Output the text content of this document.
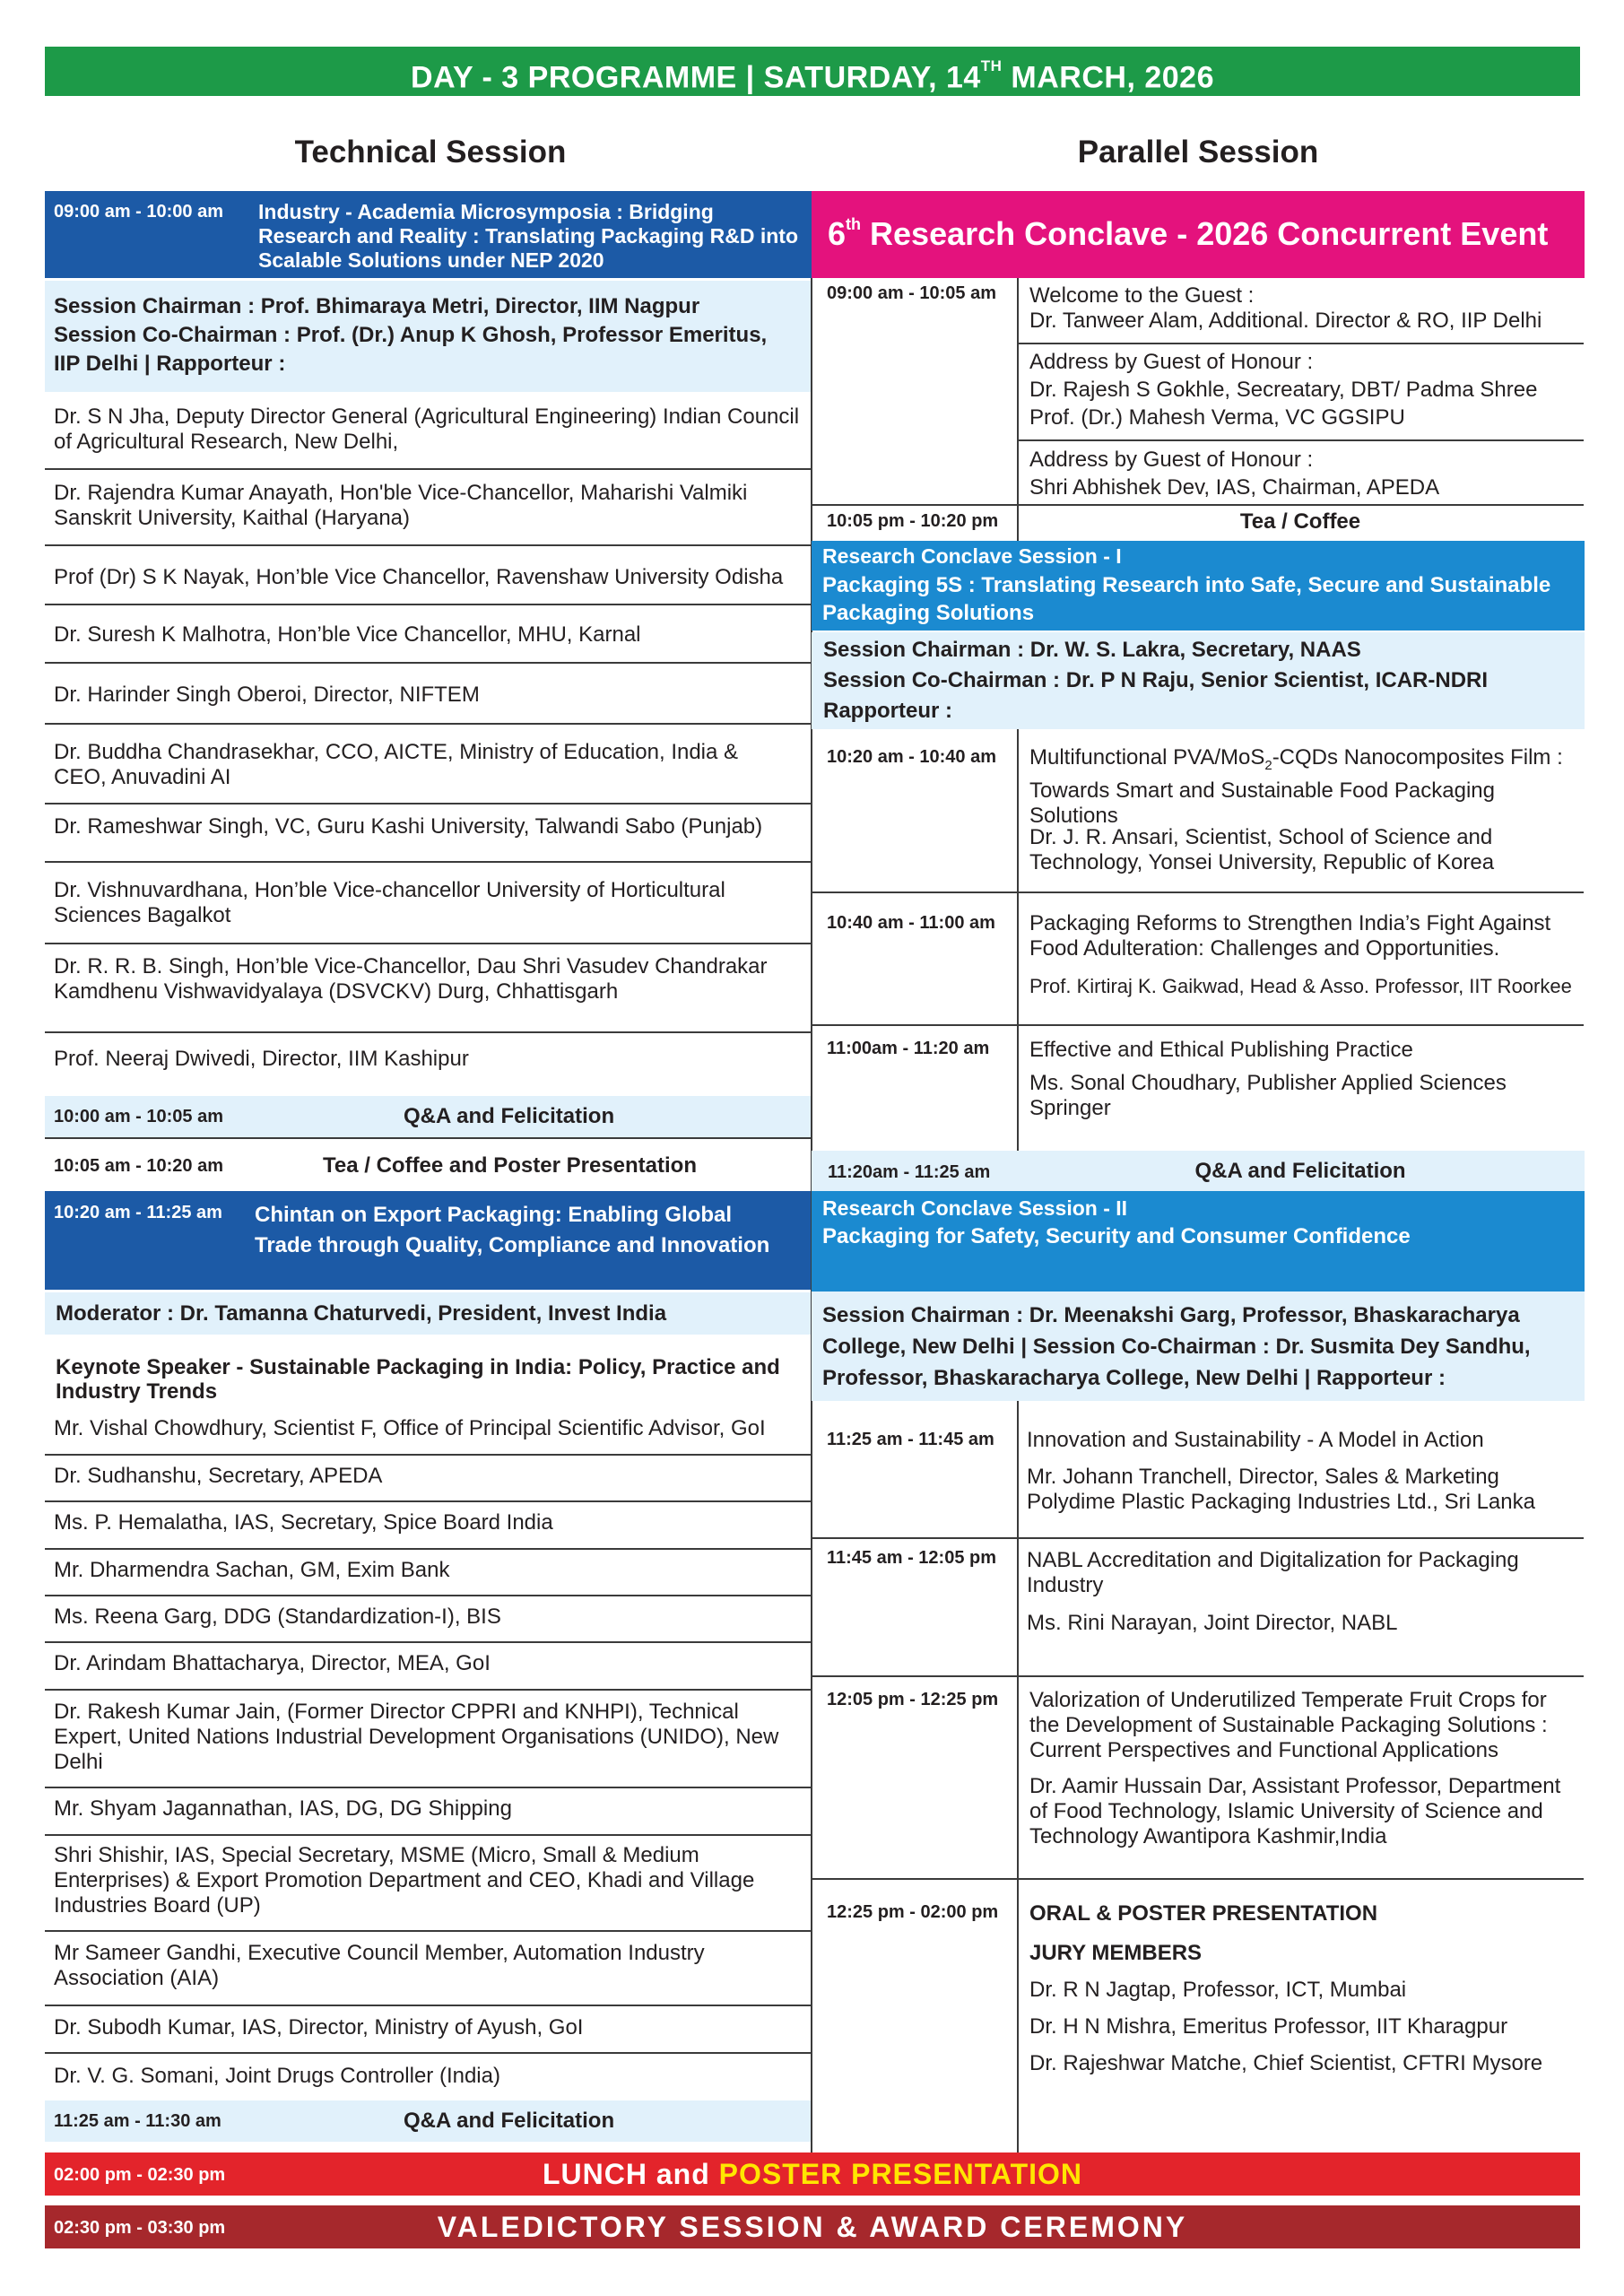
DAY - 3 PROGRAMME | SATURDAY, 14TH MARCH, 2026
Technical Session	Parallel Session
09:00 am - 10:00 am Industry - Academia Microsymposia : Bridging Research and Reality : Translating Packaging R&D into Scalable Solutions under NEP 2020
Session Chairman : Prof. Bhimaraya Metri, Director, IIM Nagpur
Session Co-Chairman : Prof. (Dr.) Anup K Ghosh, Professor Emeritus,
IIP Delhi | Rapporteur :
Dr. S N Jha, Deputy Director General (Agricultural Engineering) Indian Council of Agricultural Research, New Delhi,
Dr. Rajendra Kumar Anayath, Hon'ble Vice-Chancellor, Maharishi Valmiki Sanskrit University, Kaithal (Haryana)
Prof (Dr) S K Nayak, Hon’ble Vice Chancellor, Ravenshaw University Odisha
Dr. Suresh K Malhotra, Hon’ble Vice Chancellor, MHU, Karnal
Dr. Harinder Singh Oberoi, Director, NIFTEM
Dr. Buddha Chandrasekhar, CCO, AICTE, Ministry of Education, India & CEO, Anuvadini AI
Dr. Rameshwar Singh, VC, Guru Kashi University, Talwandi Sabo (Punjab)
Dr. Vishnuvardhana, Hon’ble Vice-chancellor University of Horticultural Sciences Bagalkot
Dr. R. R. B. Singh, Hon’ble Vice-Chancellor, Dau Shri Vasudev Chandrakar Kamdhenu Vishwavidyalaya (DSVCKV) Durg, Chhattisgarh
Prof. Neeraj Dwivedi, Director, IIM Kashipur
10:00 am - 10:05 am	Q&A and Felicitation
10:05 am - 10:20 am	Tea / Coffee and Poster Presentation
10:20 am - 11:25 am Chintan on Export Packaging: Enabling Global Trade through Quality, Compliance and Innovation
Moderator : Dr. Tamanna Chaturvedi, President, Invest India
Keynote Speaker - Sustainable Packaging in India: Policy, Practice and Industry Trends
Mr. Vishal Chowdhury, Scientist F, Office of Principal Scientific Advisor, GoI
Dr. Sudhanshu, Secretary, APEDA
Ms. P. Hemalatha, IAS, Secretary, Spice Board India
Mr. Dharmendra Sachan, GM, Exim Bank
Ms. Reena Garg, DDG (Standardization-I), BIS
Dr. Arindam Bhattacharya, Director, MEA, GoI
Dr. Rakesh Kumar Jain, (Former Director CPPRI and KNHPI), Technical Expert, United Nations Industrial Development Organisations (UNIDO), New Delhi
Mr. Shyam Jagannathan, IAS, DG, DG Shipping
Shri Shishir, IAS, Special Secretary, MSME (Micro, Small & Medium Enterprises) & Export Promotion Department and CEO, Khadi and Village Industries Board (UP)
Mr Sameer Gandhi, Executive Council Member, Automation Industry Association (AIA)
Dr. Subodh Kumar, IAS, Director, Ministry of Ayush, GoI
Dr. V. G. Somani, Joint Drugs Controller (India)
11:25 am - 11:30 am	Q&A and Felicitation
6th Research Conclave - 2026 Concurrent Event
09:00 am - 10:05 am Welcome to the Guest :
Dr. Tanweer Alam, Additional. Director & RO, IIP Delhi
Address by Guest of Honour :
Dr. Rajesh S Gokhle, Secreatary, DBT/ Padma Shree
Prof. (Dr.) Mahesh Verma, VC GGSIPU
Address by Guest of Honour :
Shri Abhishek Dev, IAS, Chairman, APEDA
10:05 pm - 10:20 pm	Tea / Coffee
Research Conclave Session - I
Packaging 5S : Translating Research into Safe, Secure and Sustainable Packaging Solutions
Session Chairman : Dr. W. S. Lakra, Secretary, NAAS
Session Co-Chairman : Dr. P N Raju, Senior Scientist, ICAR-NDRI
Rapporteur :
10:20 am - 10:40 am Multifunctional PVA/MoS$_2$-CQDs Nanocomposites Film : Towards Smart and Sustainable Food Packaging Solutions
Dr. J. R. Ansari, Scientist, School of Science and Technology, Yonsei University, Republic of Korea
10:40 am - 11:00 am Packaging Reforms to Strengthen India’s Fight Against Food Adulteration: Challenges and Opportunities.
Prof. Kirtiraj K. Gaikwad, Head & Asso. Professor, IIT Roorkee
11:00am - 11:20 am Effective and Ethical Publishing Practice
Ms. Sonal Choudhary, Publisher Applied Sciences Springer
11:20am - 11:25 am	Q&A and Felicitation
Research Conclave Session - II
Packaging for Safety, Security and Consumer Confidence
Session Chairman : Dr. Meenakshi Garg, Professor, Bhaskaracharya
College, New Delhi | Session Co-Chairman : Dr. Susmita Dey Sandhu,
Professor, Bhaskaracharya College, New Delhi | Rapporteur :
11:25 am - 11:45 am Innovation and Sustainability - A Model in Action
Mr. Johann Tranchell, Director, Sales & Marketing Polydime Plastic Packaging Industries Ltd., Sri Lanka
11:45 am - 12:05 pm NABL Accreditation and Digitalization for Packaging Industry
Ms. Rini Narayan, Joint Director, NABL
12:05 pm - 12:25 pm Valorization of Underutilized Temperate Fruit Crops for the Development of Sustainable Packaging Solutions : Current Perspectives and Functional Applications
Dr. Aamir Hussain Dar, Assistant Professor, Department of Food Technology, Islamic University of Science and Technology Awantipora Kashmir,India
12:25 pm - 02:00 pm ORAL & POSTER PRESENTATION
JURY MEMBERS
Dr. R N Jagtap, Professor, ICT, Mumbai
Dr. H N Mishra, Emeritus Professor, IIT Kharagpur
Dr. Rajeshwar Matche, Chief Scientist, CFTRI Mysore
02:00 pm - 02:30 pm	LUNCH and POSTER PRESENTATION
02:30 pm - 03:30 pm	VALEDICTORY SESSION & AWARD CEREMONY
